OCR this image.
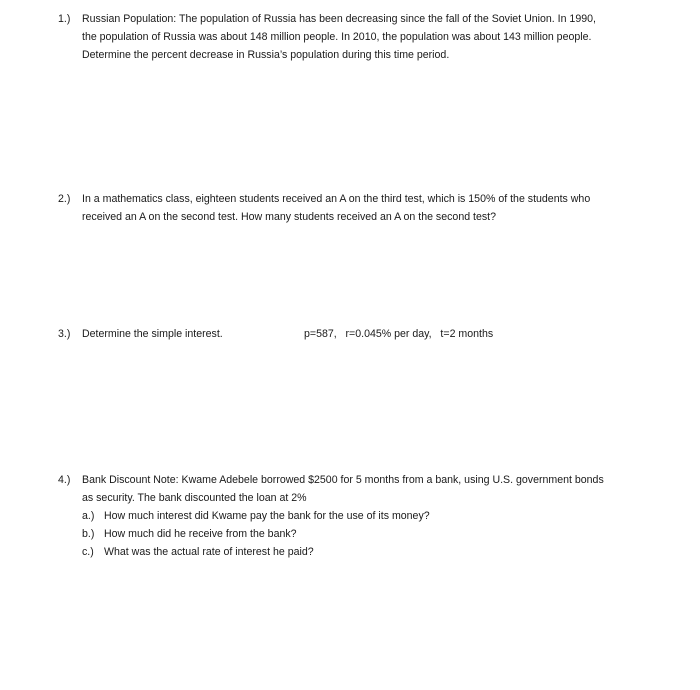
1.) Russian Population: The population of Russia has been decreasing since the fall of the Soviet Union. In 1990,
the population of Russia was about 148 million people. In 2010, the population was about 143 million people.
Determine the percent decrease in Russia’s population during this time period.
2.) In a mathematics class, eighteen students received an A on the third test, which is 150% of the students who
received an A on the second test. How many students received an A on the second test?
3.) Determine the simple interest.	p=587,   r=0.045% per day,   t=2 months
4.) Bank Discount Note: Kwame Adebele borrowed $2500 for 5 months from a bank, using U.S. government bonds
as security. The bank discounted the loan at 2%
a.) How much interest did Kwame pay the bank for the use of its money?
b.) How much did he receive from the bank?
c.) What was the actual rate of interest he paid?
